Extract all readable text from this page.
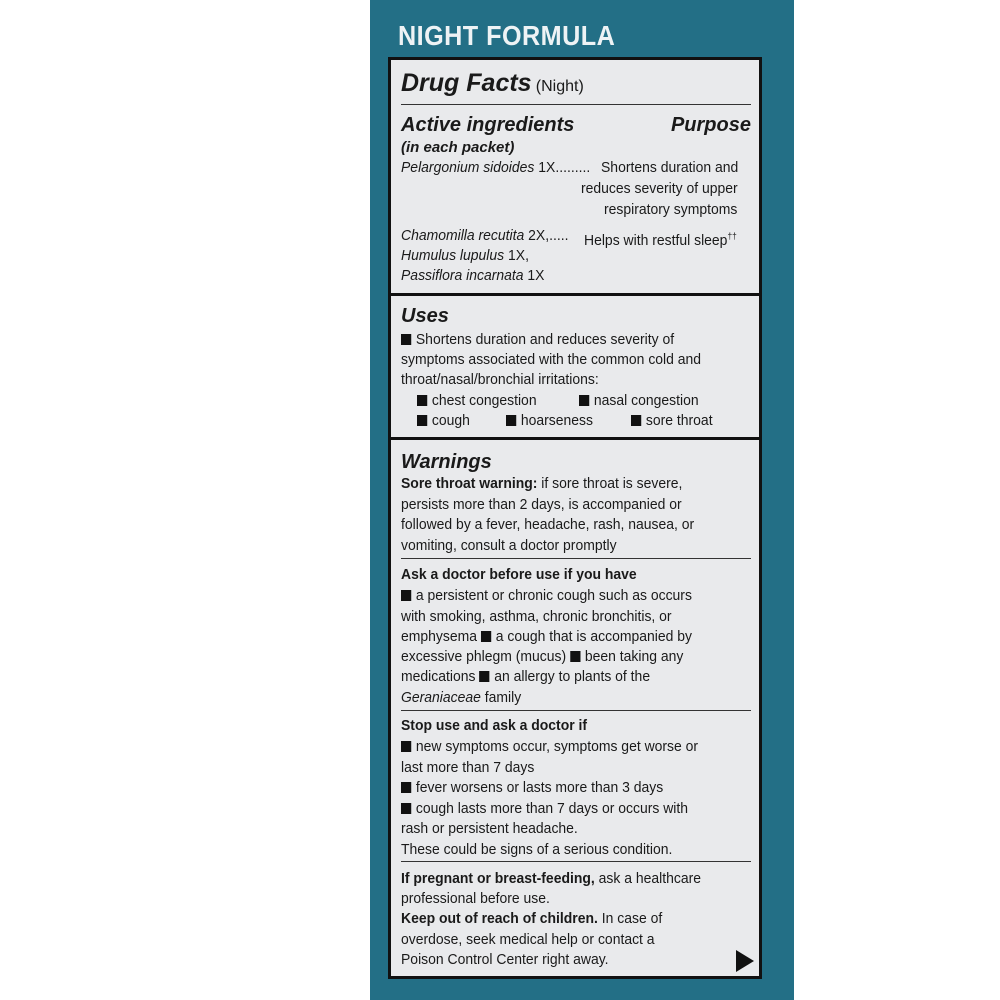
NIGHT FORMULA
Drug Facts (Night)
Active ingredients	Purpose
(in each packet)
Pelargonium sidoides 1X......... Shortens duration and
reduces severity of upper
respiratory symptoms
Chamomilla recutita 2X,..... Helps with restful sleep††
Humulus lupulus 1X,
Passiflora incarnata 1X
Uses
Shortens duration and reduces severity of
symptoms associated with the common cold and
throat/nasal/bronchial irritations:
chest congestion	nasal congestion
cough	hoarseness	sore throat
Warnings
Sore throat warning: if sore throat is severe,
persists more than 2 days, is accompanied or
followed by a fever, headache, rash, nausea, or
vomiting, consult a doctor promptly
Ask a doctor before use if you have
a persistent or chronic cough such as occurs
with smoking, asthma, chronic bronchitis, or
emphysema a cough that is accompanied by
excessive phlegm (mucus) been taking any
medications an allergy to plants of the
Geraniaceae family
Stop use and ask a doctor if
new symptoms occur, symptoms get worse or
last more than 7 days
fever worsens or lasts more than 3 days
cough lasts more than 7 days or occurs with
rash or persistent headache.
These could be signs of a serious condition.
If pregnant or breast-feeding, ask a healthcare
professional before use.
Keep out of reach of children. In case of
overdose, seek medical help or contact a
Poison Control Center right away.
